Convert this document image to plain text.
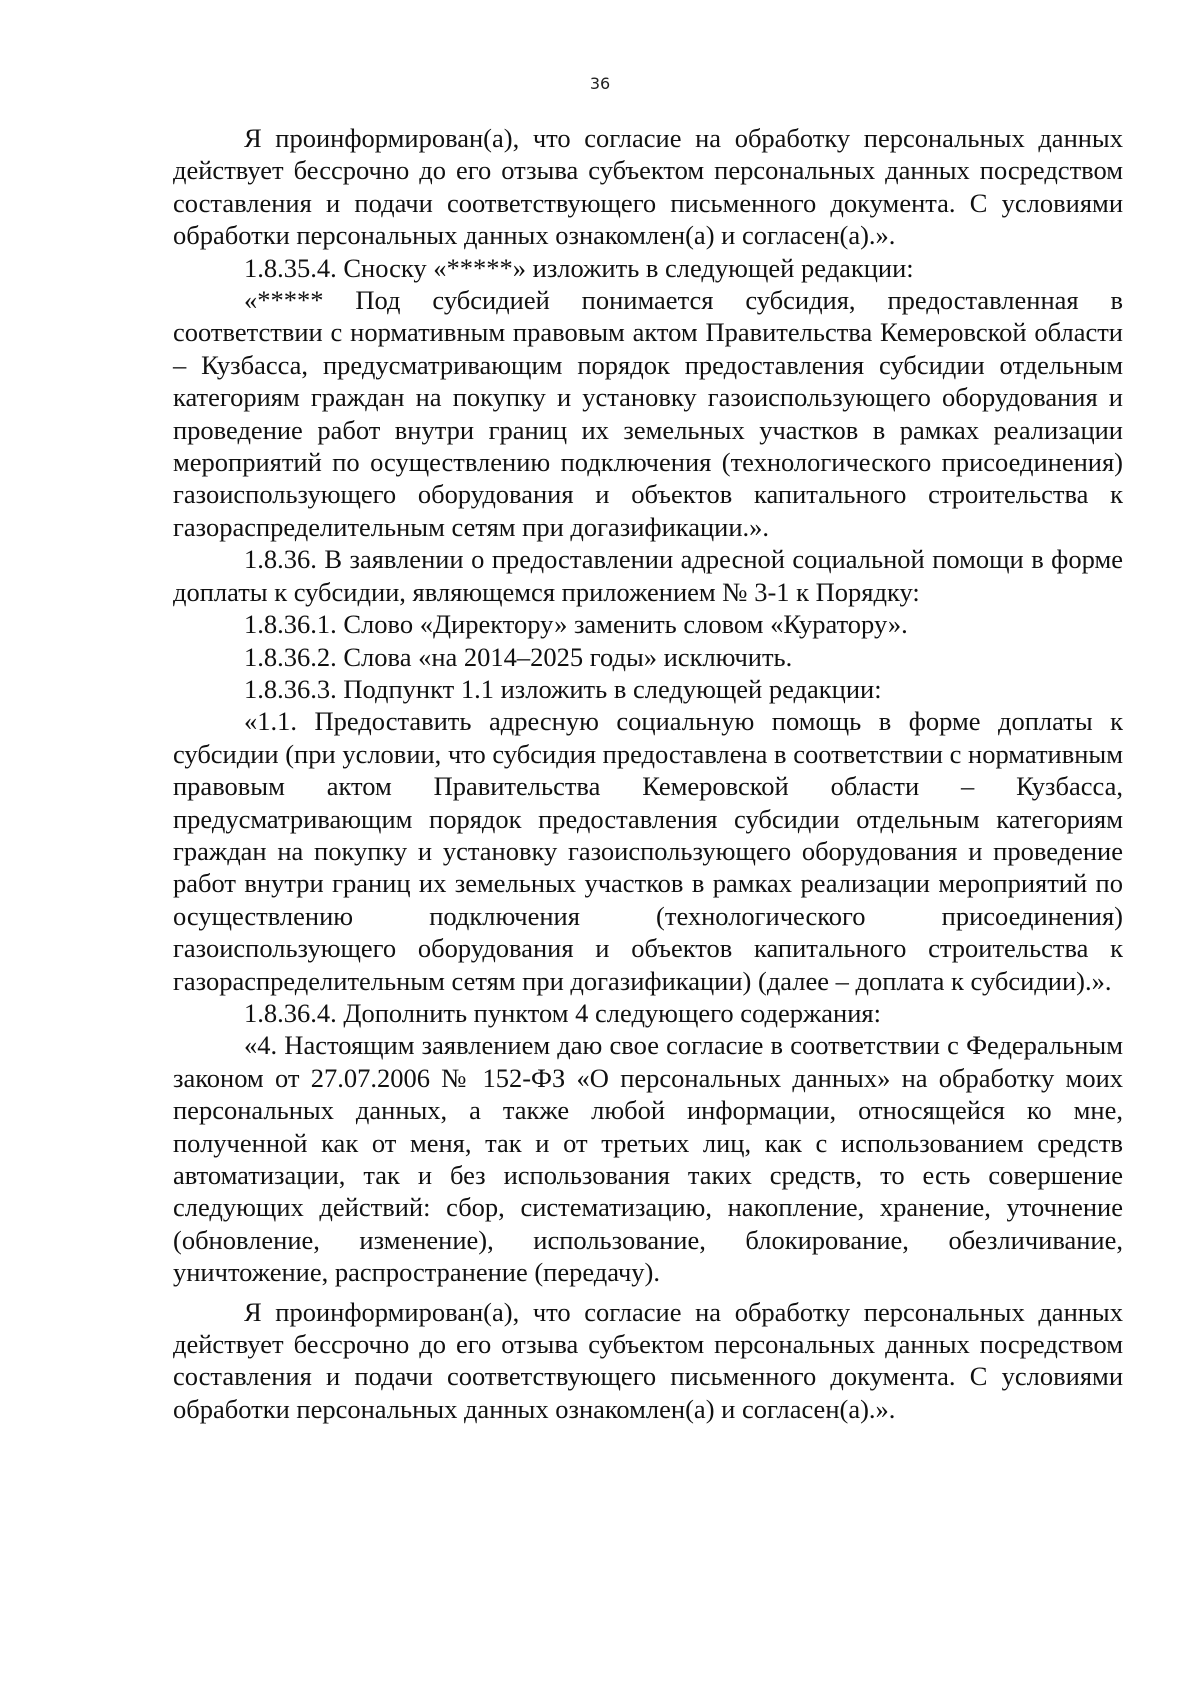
36

Я проинформирован(а), что согласие на обработку персональных данных действует бессрочно до его отзыва субъектом персональных данных посредством составления и подачи соответствующего письменного документа. С условиями обработки персональных данных ознакомлен(а) и согласен(а).».

1.8.35.4. Сноску «*****» изложить в следующей редакции:

«***** Под субсидией понимается субсидия, предоставленная в соответствии с нормативным правовым актом Правительства Кемеровской области – Кузбасса, предусматривающим порядок предоставления субсидии отдельным категориям граждан на покупку и установку газоиспользующего оборудования и проведение работ внутри границ их земельных участков в рамках реализации мероприятий по осуществлению подключения (технологического присоединения) газоиспользующего оборудования и объектов капитального строительства к газораспределительным сетям при догазификации.».

1.8.36. В заявлении о предоставлении адресной социальной помощи в форме доплаты к субсидии, являющемся приложением № 3-1 к Порядку:

1.8.36.1. Слово «Директору» заменить словом «Куратору».

1.8.36.2. Слова «на 2014–2025 годы» исключить.

1.8.36.3. Подпункт 1.1 изложить в следующей редакции:

«1.1. Предоставить адресную социальную помощь в форме доплаты к субсидии (при условии, что субсидия предоставлена в соответствии с нормативным правовым актом Правительства Кемеровской области – Кузбасса, предусматривающим порядок предоставления субсидии отдельным категориям граждан на покупку и установку газоиспользующего оборудования и проведение работ внутри границ их земельных участков в рамках реализации мероприятий по осуществлению подключения (технологического присоединения) газоиспользующего оборудования и объектов капитального строительства к газораспределительным сетям при догазификации) (далее – доплата к субсидии).».

1.8.36.4. Дополнить пунктом 4 следующего содержания:

«4. Настоящим заявлением даю свое согласие в соответствии с Федеральным законом от 27.07.2006 № 152-ФЗ «О персональных данных» на обработку моих персональных данных, а также любой информации, относящейся ко мне, полученной как от меня, так и от третьих лиц, как с использованием средств автоматизации, так и без использования таких средств, то есть совершение следующих действий: сбор, систематизацию, накопление, хранение, уточнение (обновление, изменение), использование, блокирование, обезличивание, уничтожение, распространение (передачу).

Я проинформирован(а), что согласие на обработку персональных данных действует бессрочно до его отзыва субъектом персональных данных посредством составления и подачи соответствующего письменного документа. С условиями обработки персональных данных ознакомлен(а) и согласен(а).».
